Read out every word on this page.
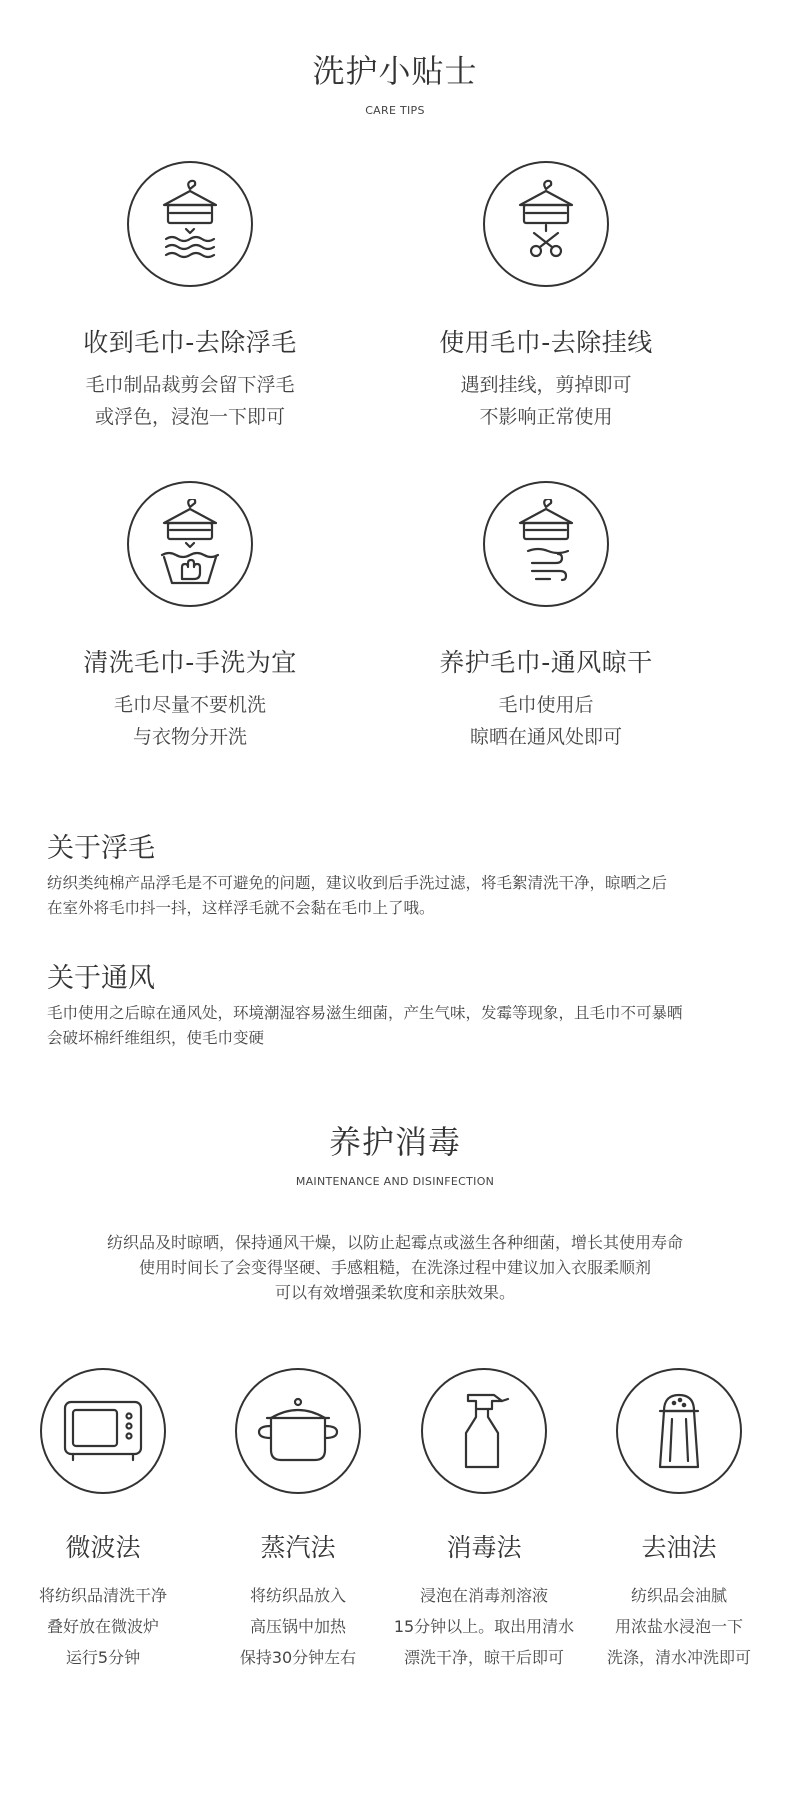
洗护小贴士
CARE TIPS
收到毛巾-去除浮毛
毛巾制品裁剪会留下浮毛
或浮色，浸泡一下即可
使用毛巾-去除挂线
遇到挂线，剪掉即可
不影响正常使用
清洗毛巾-手洗为宜
毛巾尽量不要机洗
与衣物分开洗
养护毛巾-通风晾干
毛巾使用后
晾晒在通风处即可
关于浮毛
纺织类纯棉产品浮毛是不可避免的问题，建议收到后手洗过滤，将毛絮清洗干净，晾晒之后
在室外将毛巾抖一抖，这样浮毛就不会黏在毛巾上了哦。
关于通风
毛巾使用之后晾在通风处，环境潮湿容易滋生细菌，产生气味，发霉等现象，且毛巾不可暴晒
会破坏棉纤维组织，使毛巾变硬
养护消毒
MAINTENANCE AND DISINFECTION
纺织品及时晾晒，保持通风干燥，以防止起霉点或滋生各种细菌，增长其使用寿命
使用时间长了会变得坚硬、手感粗糙，在洗涤过程中建议加入衣服柔顺剂
可以有效增强柔软度和亲肤效果。
微波法
将纺织品清洗干净
叠好放在微波炉
运行5分钟
蒸汽法
将纺织品放入
高压锅中加热
保持30分钟左右
消毒法
浸泡在消毒剂溶液
15分钟以上。取出用清水
漂洗干净，晾干后即可
去油法
纺织品会油腻
用浓盐水浸泡一下
洗涤，清水冲洗即可
